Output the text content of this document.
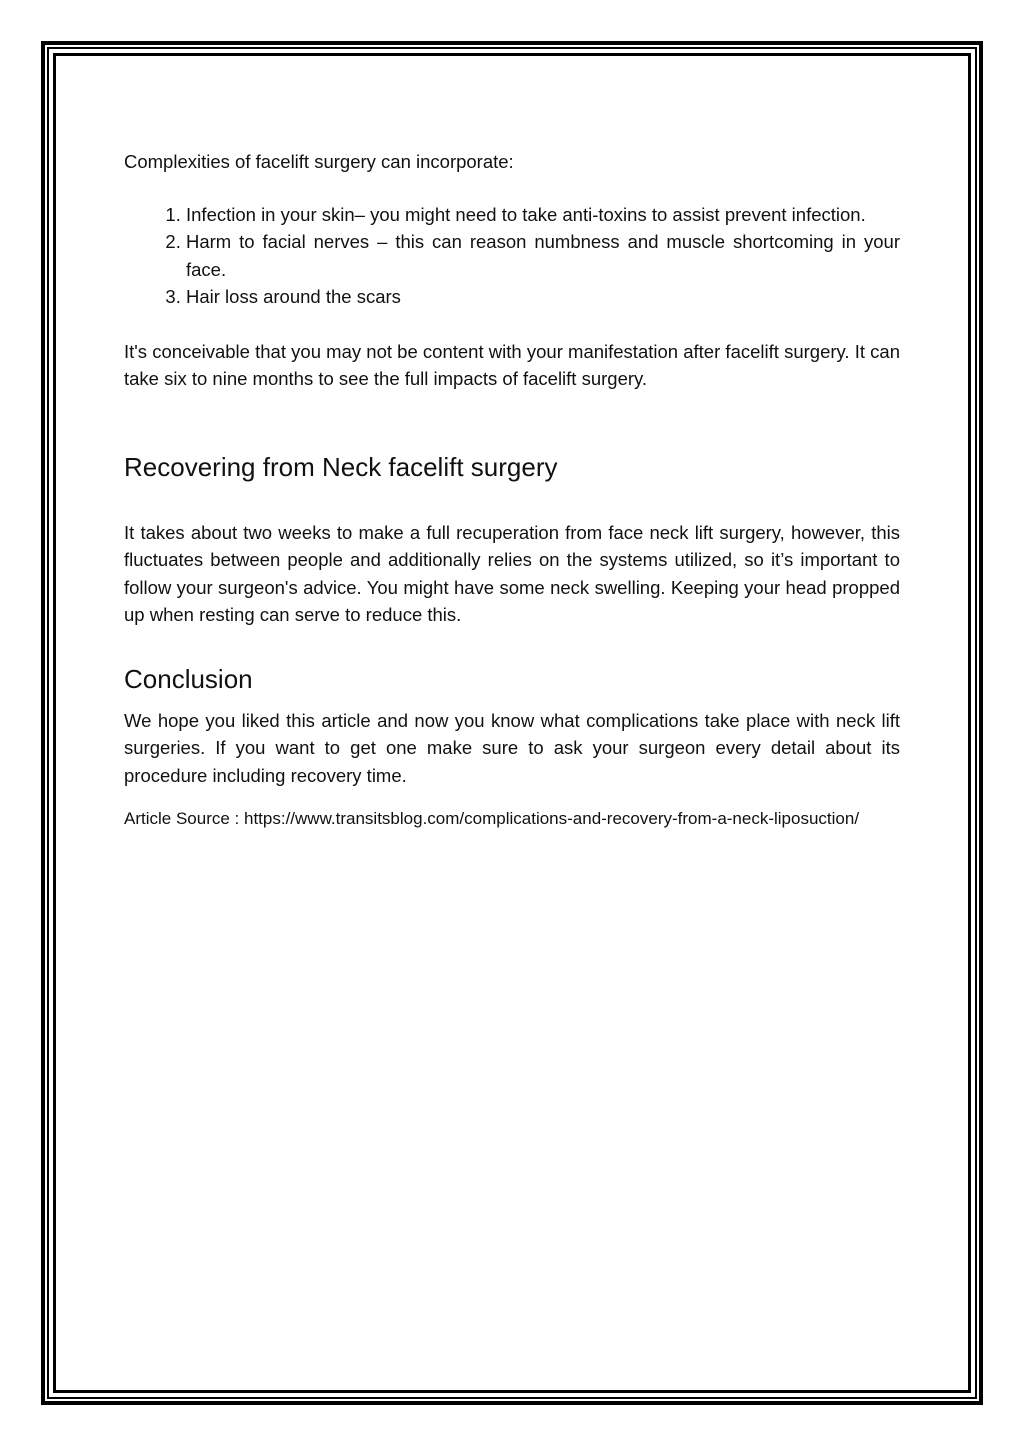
Complexities of facelift surgery can incorporate:

1. Infection in your skin– you might need to take anti-toxins to assist prevent infection.
2. Harm to facial nerves – this can reason numbness and muscle shortcoming in your face.
3. Hair loss around the scars

It's conceivable that you may not be content with your manifestation after facelift surgery. It can take six to nine months to see the full impacts of facelift surgery.

Recovering from Neck facelift surgery

It takes about two weeks to make a full recuperation from face neck lift surgery, however, this fluctuates between people and additionally relies on the systems utilized, so it’s important to follow your surgeon's advice. You might have some neck swelling. Keeping your head propped up when resting can serve to reduce this.

Conclusion

We hope you liked this article and now you know what complications take place with neck lift surgeries. If you want to get one make sure to ask your surgeon every detail about its procedure including recovery time.

Article Source : https://www.transitsblog.com/complications-and-recovery-from-a-neck-liposuction/
